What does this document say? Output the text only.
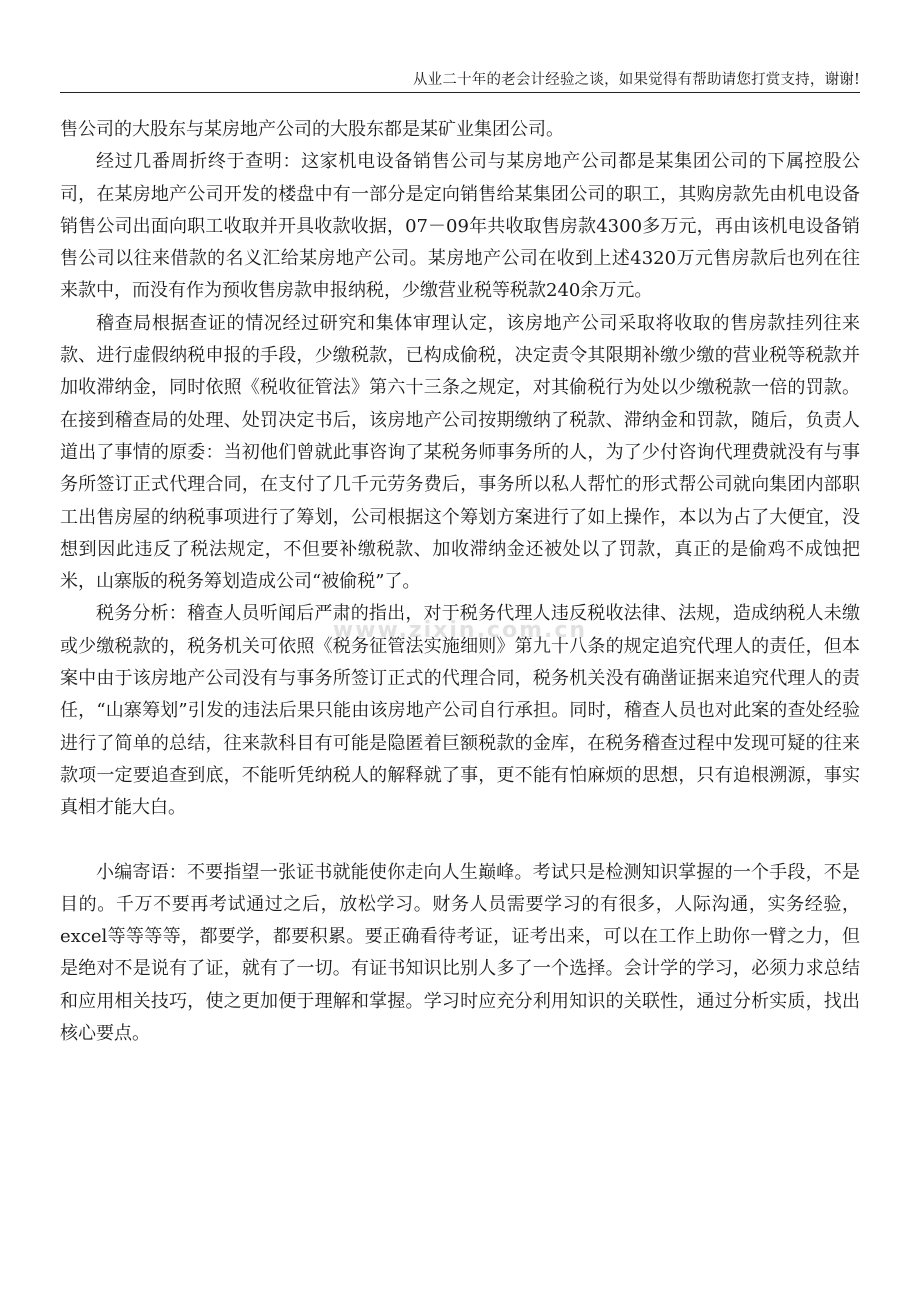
从业二十年的老会计经验之谈，如果觉得有帮助请您打赏支持，谢谢!

售公司的大股东与某房地产公司的大股东都是某矿业集团公司。

经过几番周折终于查明：这家机电设备销售公司与某房地产公司都是某集团公司的下属控股公司，在某房地产公司开发的楼盘中有一部分是定向销售给某集团公司的职工，其购房款先由机电设备销售公司出面向职工收取并开具收款收据，07－09年共收取售房款4300多万元，再由该机电设备销售公司以往来借款的名义汇给某房地产公司。某房地产公司在收到上述4320万元售房款后也列在往来款中，而没有作为预收售房款申报纳税，少缴营业税等税款240余万元。

稽查局根据查证的情况经过研究和集体审理认定，该房地产公司采取将收取的售房款挂列往来款、进行虚假纳税申报的手段，少缴税款，已构成偷税，决定责令其限期补缴少缴的营业税等税款并加收滞纳金，同时依照《税收征管法》第六十三条之规定，对其偷税行为处以少缴税款一倍的罚款。在接到稽查局的处理、处罚决定书后，该房地产公司按期缴纳了税款、滞纳金和罚款，随后，负责人道出了事情的原委：当初他们曾就此事咨询了某税务师事务所的人，为了少付咨询代理费就没有与事务所签订正式代理合同，在支付了几千元劳务费后，事务所以私人帮忙的形式帮公司就向集团内部职工出售房屋的纳税事项进行了筹划，公司根据这个筹划方案进行了如上操作，本以为占了大便宜，没想到因此违反了税法规定，不但要补缴税款、加收滞纳金还被处以了罚款，真正的是偷鸡不成蚀把米，山寨版的税务筹划造成公司“被偷税”了。

税务分析：稽查人员听闻后严肃的指出，对于税务代理人违反税收法律、法规，造成纳税人未缴或少缴税款的，税务机关可依照《税务征管法实施细则》第九十八条的规定追究代理人的责任，但本案中由于该房地产公司没有与事务所签订正式的代理合同，税务机关没有确凿证据来追究代理人的责任，“山寨筹划”引发的违法后果只能由该房地产公司自行承担。同时，稽查人员也对此案的查处经验进行了简单的总结，往来款科目有可能是隐匿着巨额税款的金库，在税务稽查过程中发现可疑的往来款项一定要追查到底，不能听凭纳税人的解释就了事，更不能有怕麻烦的思想，只有追根溯源，事实真相才能大白。

小编寄语：不要指望一张证书就能使你走向人生巅峰。考试只是检测知识掌握的一个手段，不是目的。千万不要再考试通过之后，放松学习。财务人员需要学习的有很多，人际沟通，实务经验，excel等等等等，都要学，都要积累。要正确看待考证，证考出来，可以在工作上助你一臂之力，但是绝对不是说有了证，就有了一切。有证书知识比别人多了一个选择。会计学的学习，必须力求总结和应用相关技巧，使之更加便于理解和掌握。学习时应充分利用知识的关联性，通过分析实质，找出核心要点。

www.zixin.com.cn
